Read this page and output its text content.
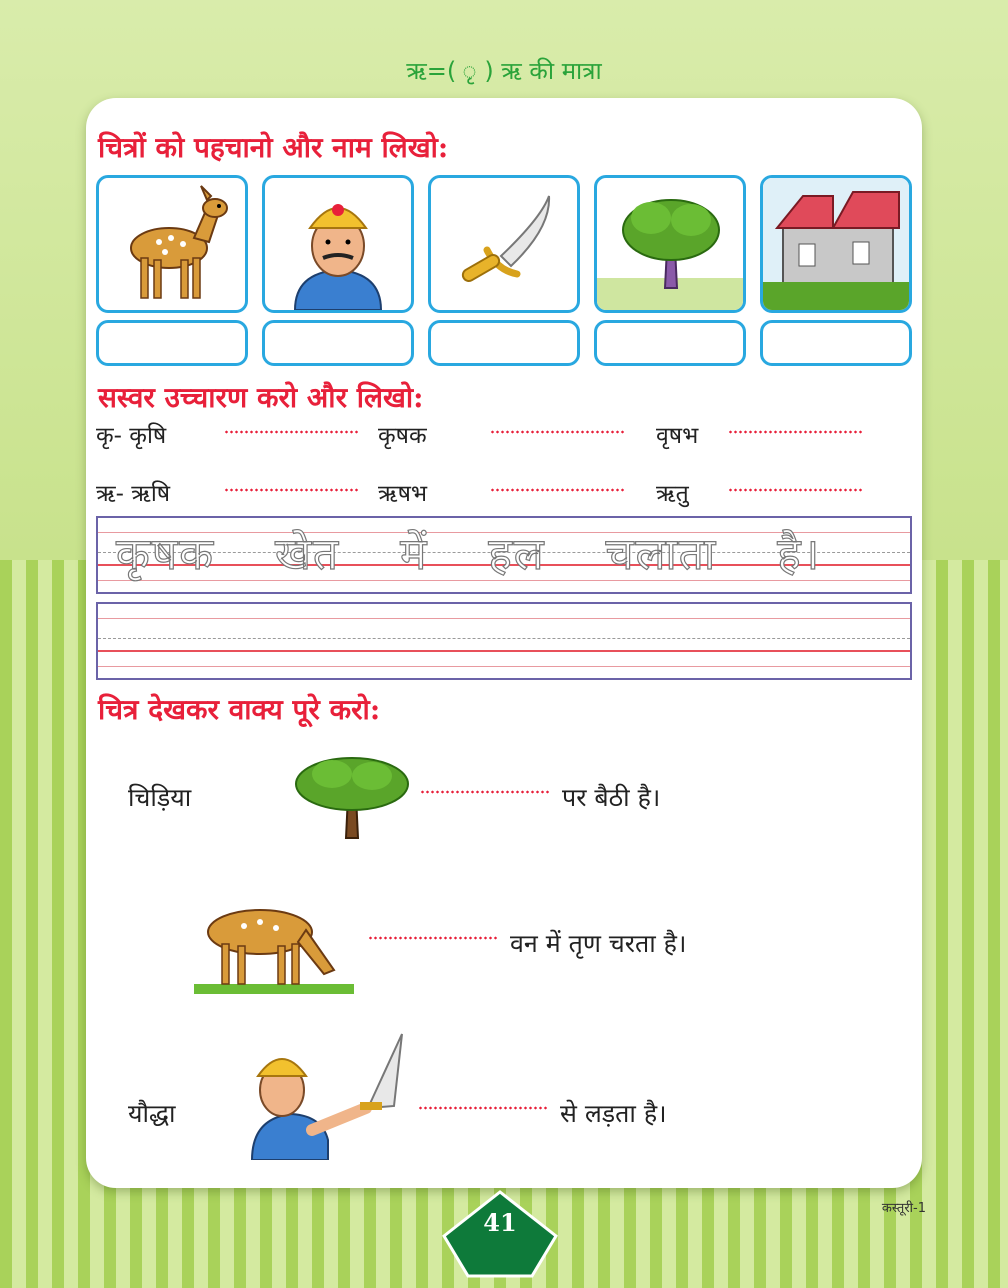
ऋ=( ृ ) ऋ की मात्रा
चित्रों को पहचानो और नाम लिखो:
सस्वर उच्चारण करो और लिखो:
कृ- कृषि	कृषक	वृषभ
ऋ- ऋषि	ऋषभ	ऋतु
कृषक खेत में हल चलाता है।
चित्र देखकर वाक्य पूरे करो:
चिड़िया	पर बैठी है।
वन में तृण चरता है।
यौद्धा	से लड़ता है।
41	कस्तूरी-1
